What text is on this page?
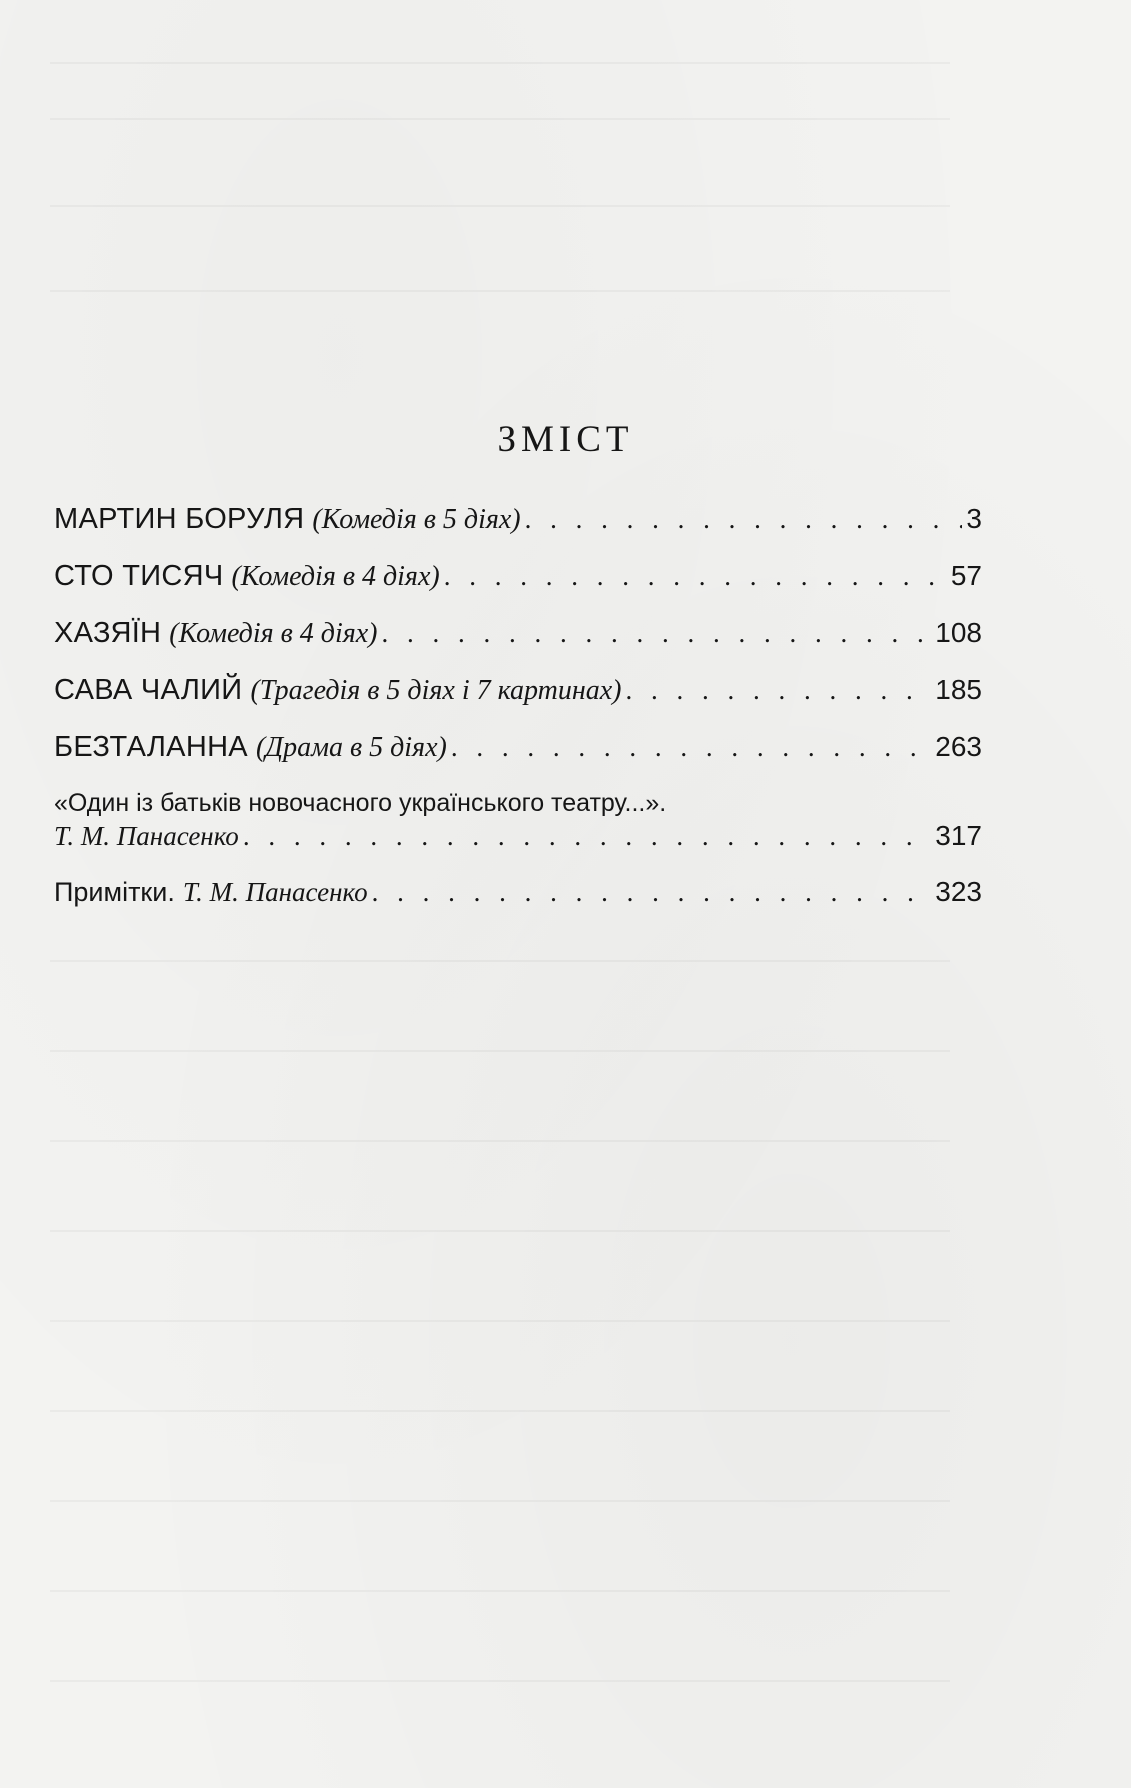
ЗМІСТ
МАРТИН БОРУЛЯ (Комедія в 5 діях) . . .	3
СТО ТИСЯЧ (Комедія в 4 діях) . . .	57
ХАЗЯЇН (Комедія в 4 діях) . . .	108
САВА ЧАЛИЙ (Трагедія в 5 діях і 7 картинах) . . .	185
БЕЗТАЛАННА (Драма в 5 діях) . . .	263
«Один із батьків новочасного українського театру...».
Т. М. Панасенко . . .	317
Примітки. Т. М. Панасенко . . .	323
